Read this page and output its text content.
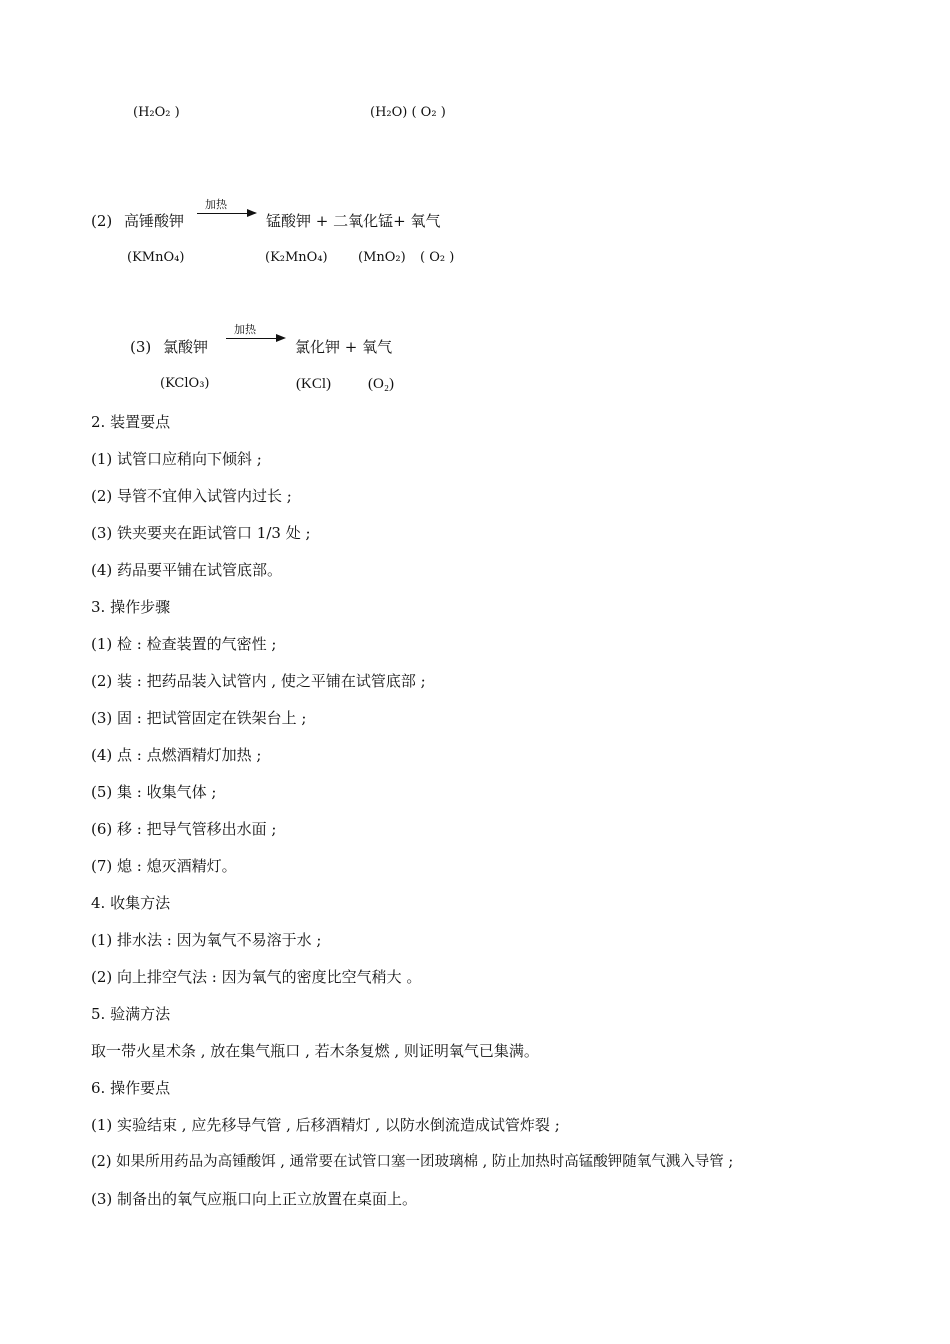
(H₂O₂ )	(H₂O) ( O₂ )
(2) 高锤酸钾
加热
锰酸钾 + 二氧化锰+ 氧气
(KMnO₄)	(K₂MnO₄) (MnO₂) ( O₂ )
(3) 氯酸钾
加热
氯化钾 + 氧气
(KClO₃)	(KCl) (O₂)
2. 装置要点
(1) 试管口应稍向下倾斜 ;
(2) 导管不宜伸入试管内过长 ;
(3) 铁夹要夹在距试管口 1/3 处 ;
(4) 药品要平铺在试管底部。
3. 操作步骤
(1) 检 : 检查装置的气密性 ;
(2) 装 : 把药品装入试管内 , 使之平铺在试管底部 ;
(3) 固 : 把试管固定在铁架台上 ;
(4) 点 : 点燃酒精灯加热 ;
(5) 集 : 收集气体 ;
(6) 移 : 把导气管移出水面 ;
(7) 熄 : 熄灭酒精灯。
4. 收集方法
(1) 排水法 : 因为氧气不易溶于水 ;
(2) 向上排空气法 : 因为氧气的密度比空气稍大 。
5. 验满方法
取一带火星术条 , 放在集气瓶口 , 若木条复燃 , 则证明氧气已集满。
6. 操作要点
(1) 实验结束 , 应先移导气管 , 后移酒精灯 , 以防水倒流造成试管炸裂 ;
(2) 如果所用药品为高锺酸饵 , 通常要在试管口塞一团玻璃棉 , 防止加热时高锰酸钾随氧气溅入导管 ;
(3) 制备出的氧气应瓶口向上正立放置在桌面上。
